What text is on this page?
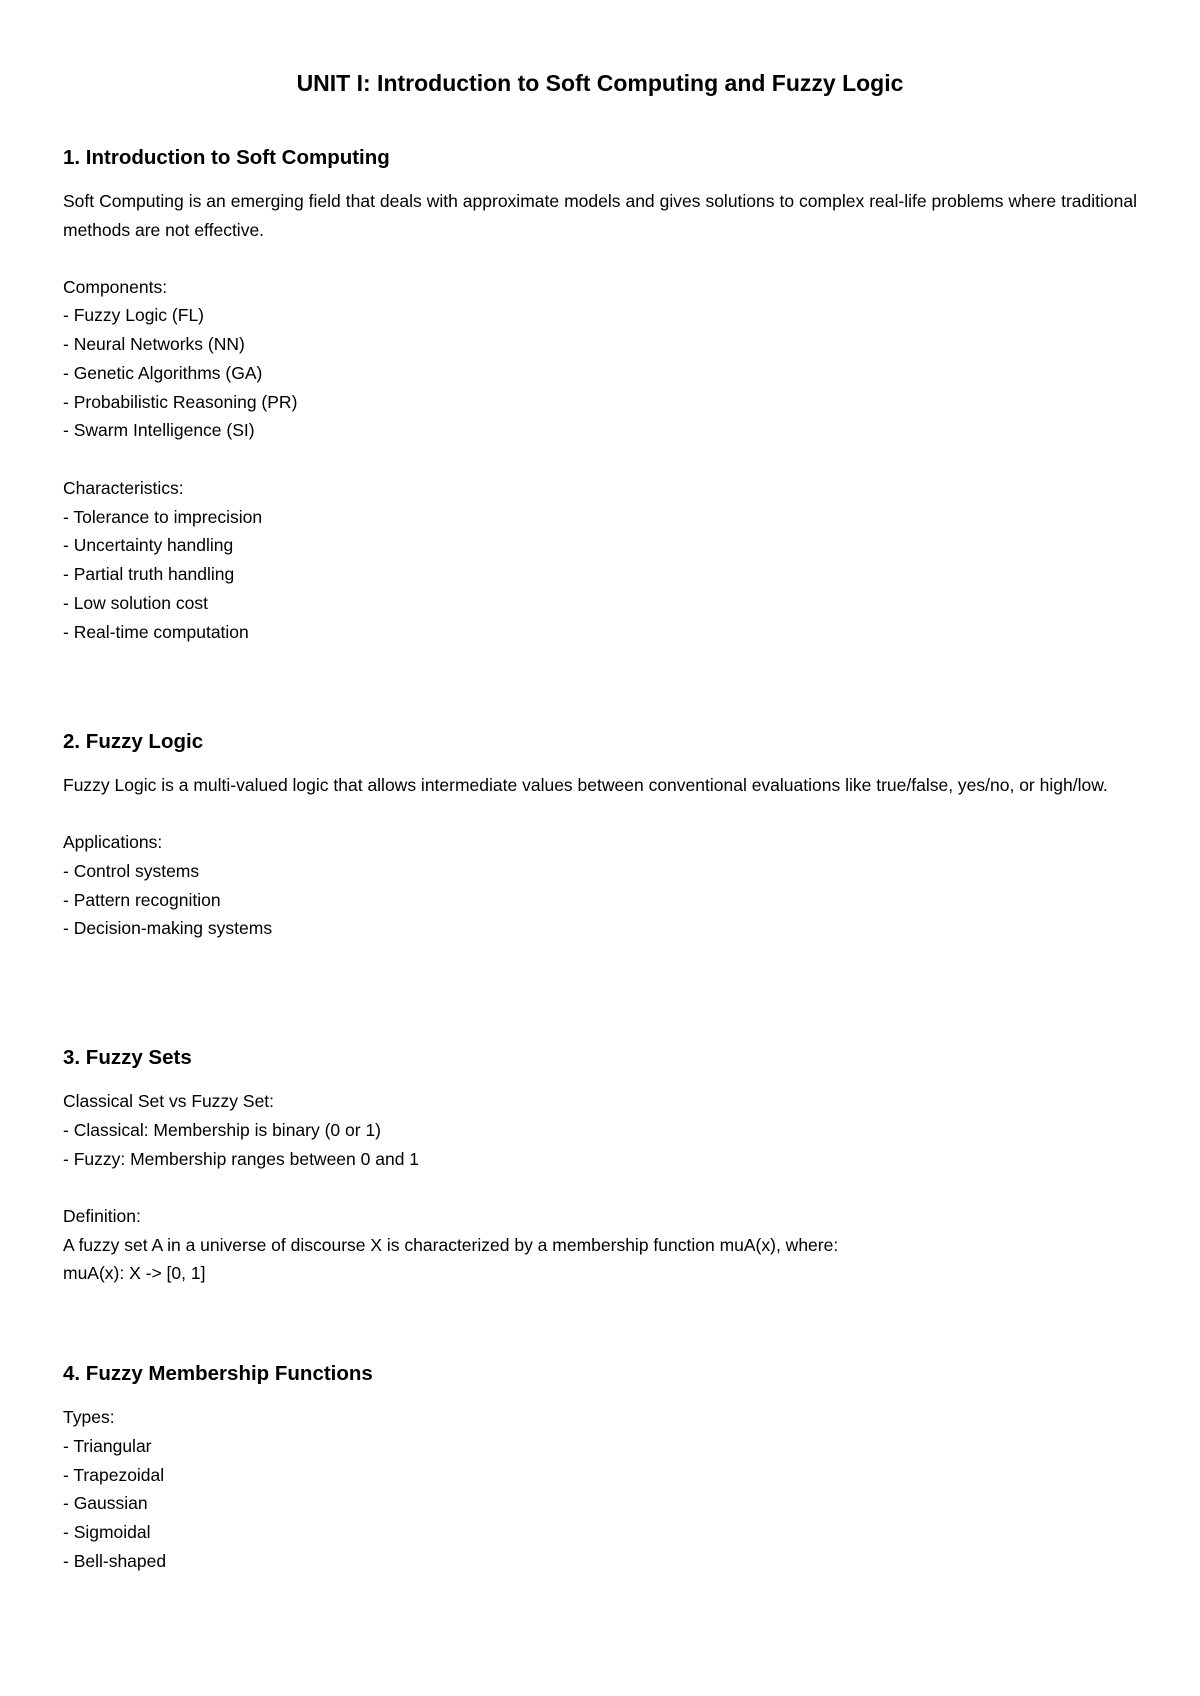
UNIT I: Introduction to Soft Computing and Fuzzy Logic
1. Introduction to Soft Computing

Soft Computing is an emerging field that deals with approximate models and gives solutions to complex real-life problems where traditional methods are not effective.

Components:
- Fuzzy Logic (FL)
- Neural Networks (NN)
- Genetic Algorithms (GA)
- Probabilistic Reasoning (PR)
- Swarm Intelligence (SI)
Characteristics:
- Tolerance to imprecision
- Uncertainty handling
- Partial truth handling
- Low solution cost
- Real-time computation
2. Fuzzy Logic

Fuzzy Logic is a multi-valued logic that allows intermediate values between conventional evaluations like true/false, yes/no, or high/low.

Applications:
- Control systems
- Pattern recognition
- Decision-making systems
3. Fuzzy Sets
Classical Set vs Fuzzy Set:
- Classical: Membership is binary (0 or 1)
- Fuzzy: Membership ranges between 0 and 1
Definition:
A fuzzy set A in a universe of discourse X is characterized by a membership function muA(x), where:
muA(x): X -> [0, 1]
4. Fuzzy Membership Functions
Types:
- Triangular
- Trapezoidal
- Gaussian
- Sigmoidal
- Bell-shaped
